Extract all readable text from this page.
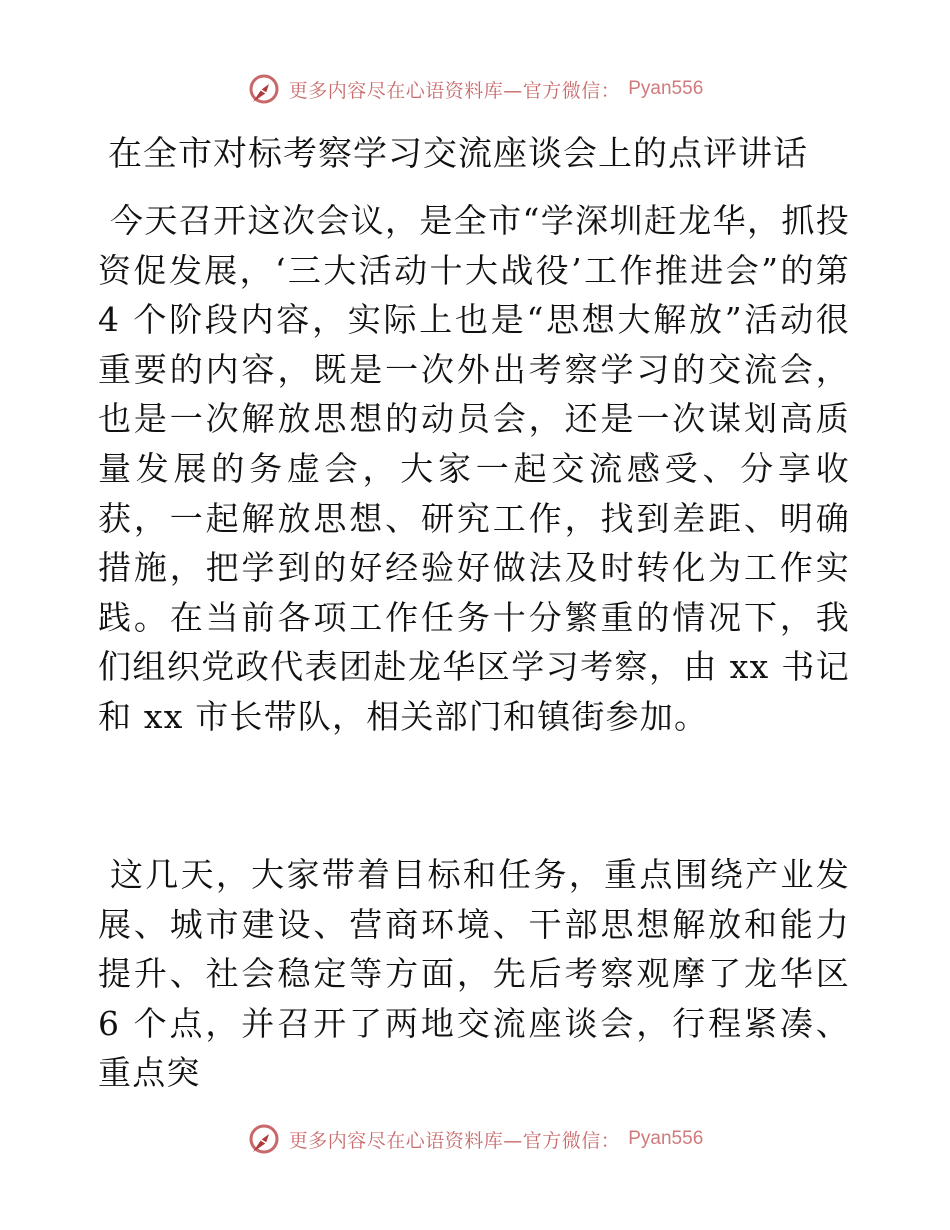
更多内容尽在心语资料库—官方微信： Pyan556
在全市对标考察学习交流座谈会上的点评讲话

今天召开这次会议，是全市“学深圳赶龙华，抓投资促发展，‘三大活动十大战役’工作推进会”的第 4 个阶段内容，实际上也是“思想大解放”活动很重要的内容，既是一次外出考察学习的交流会，也是一次解放思想的动员会，还是一次谋划高质量发展的务虚会，大家一起交流感受、分享收获，一起解放思想、研究工作，找到差距、明确措施，把学到的好经验好做法及时转化为工作实践。在当前各项工作任务十分繁重的情况下，我们组织党政代表团赴龙华区学习考察，由 xx 书记和 xx 市长带队，相关部门和镇街参加。

这几天，大家带着目标和任务，重点围绕产业发展、城市建设、营商环境、干部思想解放和能力提升、社会稳定等方面，先后考察观摩了龙华区 6 个点，并召开了两地交流座谈会，行程紧凑、重点突

更多内容尽在心语资料库—官方微信： Pyan556
